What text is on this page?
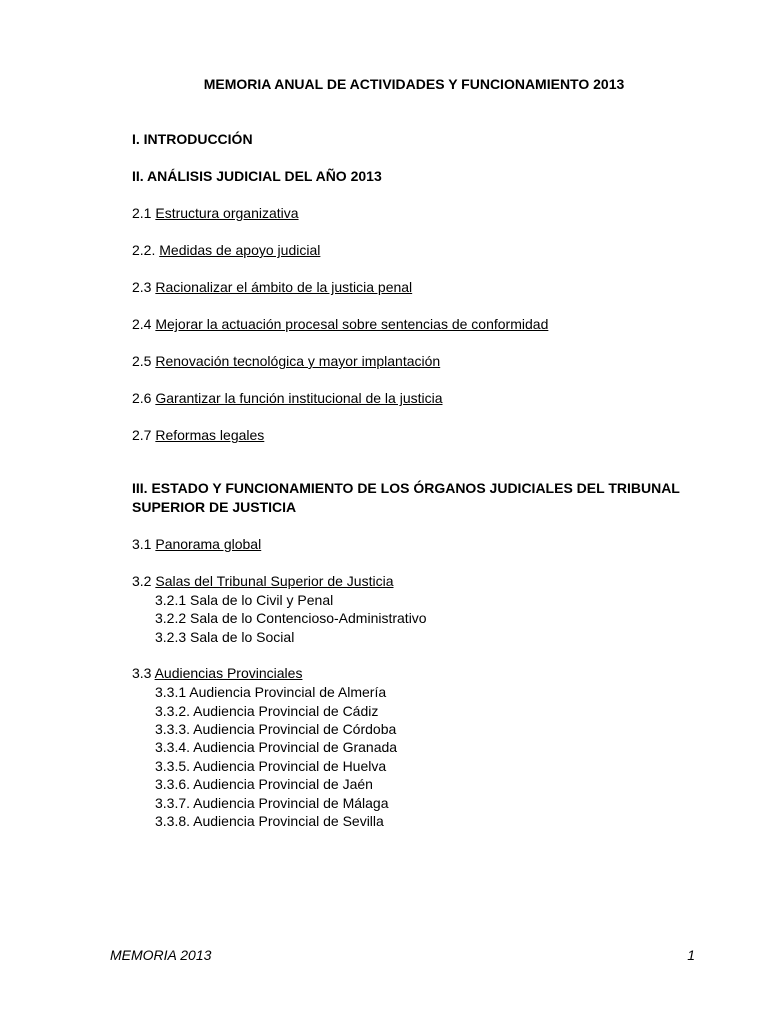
MEMORIA ANUAL DE ACTIVIDADES Y FUNCIONAMIENTO 2013
I. INTRODUCCIÓN
II. ANÁLISIS JUDICIAL DEL AÑO 2013
2.1 Estructura organizativa
2.2. Medidas de apoyo judicial
2.3 Racionalizar el ámbito de la justicia penal
2.4 Mejorar la actuación procesal sobre sentencias de conformidad
2.5 Renovación tecnológica y mayor implantación
2.6 Garantizar la función institucional de la justicia
2.7 Reformas legales
III. ESTADO Y FUNCIONAMIENTO DE LOS ÓRGANOS JUDICIALES DEL TRIBUNAL
SUPERIOR DE JUSTICIA
3.1 Panorama global
3.2 Salas del Tribunal Superior de Justicia
3.2.1 Sala de lo Civil y Penal
3.2.2 Sala de lo Contencioso-Administrativo
3.2.3 Sala de lo Social
3.3 Audiencias Provinciales
3.3.1 Audiencia Provincial de Almería
3.3.2. Audiencia Provincial de Cádiz
3.3.3. Audiencia Provincial de Córdoba
3.3.4. Audiencia Provincial de Granada
3.3.5. Audiencia Provincial de Huelva
3.3.6. Audiencia Provincial de Jaén
3.3.7. Audiencia Provincial de Málaga
3.3.8. Audiencia Provincial de Sevilla
MEMORIA 2013	1
